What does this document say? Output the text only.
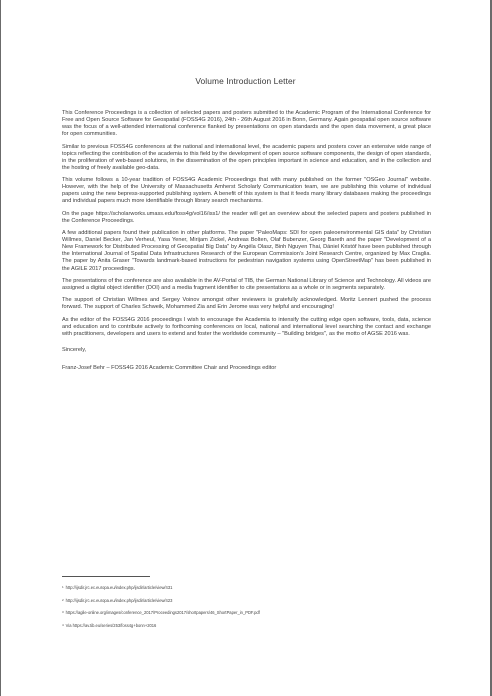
Volume Introduction Letter

This Conference Proceedings is a collection of selected papers and posters submitted to the Academic Program of the International Conference for Free and Open Source Software for Geospatial (FOSS4G 2016), 24th - 26th August 2016 in Bonn, Germany. Again geospatial open source software was the focus of a well-attended international conference flanked by presentations on open standards and the open data movement, a great place for open communities.

Similar to previous FOSS4G conferences at the national and international level, the academic papers and posters cover an extensive wide range of topics reflecting the contribution of the academia to this field by the development of open source software components, the design of open standards, in the proliferation of web-based solutions, in the dissemination of the open principles important in science and education, and in the collection and the hosting of freely available geo-data.

This volume follows a 10-year tradition of FOSS4G Academic Proceedings that with many published on the former "OSGeo Journal" website. However, with the help of the University of Massachusetts Amherst Scholarly Communication team, we are publishing this volume of individual papers using the new bepress-supported publishing system. A benefit of this system is that it feeds many library databases making the proceedings and individual papers much more identifiable through library search mechanisms.

On the page https://scholarworks.umass.edu/foss4g/vol16/iss1/ the reader will get an overview about the selected papers and posters published in the Conference Proceedings.

A few additional papers found their publication in other platforms. The paper "PaleoMaps: SDI for open paleoenvironmental GIS data" by Christian Willmes, Daniel Becker, Jan Verheul, Yasa Yener, Mirijam Zickel, Andreas Bolten, Olaf Bubenzer, Georg Bareth and the paper "Development of a New Framework for Distributed Processing of Geospatial Big Data" by Angéla Olasz, Binh Nguyen Thai, Dániel Kristóf have been published through the International Journal of Spatial Data Infrastructures Research of the European Commission's Joint Research Centre, organized by Max Craglia. The paper by Anita Graser "Towards landmark-based instructions for pedestrian navigation systems using OpenStreetMap" has been published in the AGILE 2017 proceedings.

The presentations of the conference are also available in the AV-Portal of TIB, the German National Library of Science and Technology. All videos are assigned a digital object identifier (DOI) and a media fragment identifier to cite presentations as a whole or in segments separately.

The support of Christian Willmes and Sergey Voinov amongst other reviewers is gratefully acknowledged. Moritz Lennert pushed the process forward. The support of Charles Schweik, Mohammed Zia and Erin Jerome was very helpful and encouraging!

As the editor of the FOSS4G 2016 proceedings I wish to encourage the Academia to intensify the cutting edge open software, tools, data, science and education and to contribute actively to forthcoming conferences on local, national and international level searching the contact and exchange with practitioners, developers and users to extend and foster the worldwide community – "Building bridges", as the motto of AGSE 2016 was.

Sincerely,

Franz-Josef Behr – FOSS4G 2016 Academic Committee Chair and Proceedings editor

$^1$ http://ijsdir.jrc.ec.europa.eu/index.php/ijsdir/article/view/431

$^2$ http://ijsdir.jrc.ec.europa.eu/index.php/ijsdir/article/view/423

$^3$ https://agile-online.org/images/conference_2017/Proceedings2017/shortpapers/46_ShortPaper_in_PDF.pdf

$^4$ Via https://av.tib.eu/series/253/foss4g+bonn+2016
